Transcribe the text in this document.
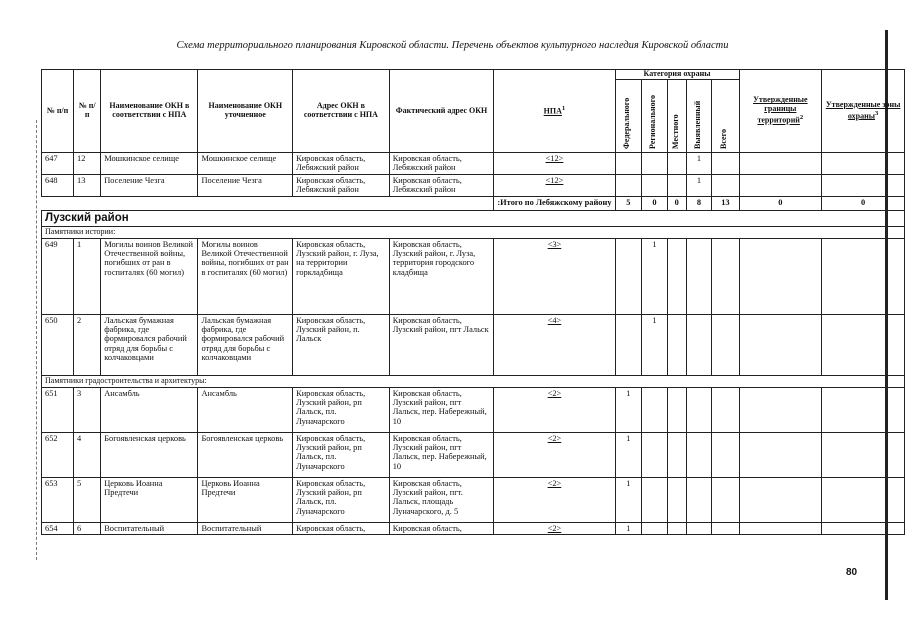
Схема территориального планирования Кировской области. Перечень объектов культурного наследия Кировской области
№ п/п	№ п/п	Наименование ОКН в соответствии с НПА	Наименование ОКН уточненное	Адрес ОКН в соответствии с НПА	Фактический адрес ОКН	НПА$^1$	Категория охраны					Утвержденные границы территорий$^2$	Утвержденные зоны охраны$^3$

							Федерального	Регионального	Местного	Выявленный	Всего		

647	12	Мошкинское селище	Мошкинское селище	Кировская область, Лебяжский район	Кировская область, Лебяжский район	<12>				1			
648	13	Поселение Чезга	Поселение Чезга	Кировская область, Лебяжский район	Кировская область, Лебяжский район	<12>				1			
						Итого по Лебяжскому району:	5	0	0	8	13	0	0
Лузский район													
Памятники истории:													
649	1	Могилы воинов Великой Отечественной войны, погибших от ран в госпиталях (60 могил)	Могилы воинов Великой Отечественной войны, погибших от ран в госпиталях (60 могил)	Кировская область, Лузский район, г. Луза, на территории горкладбища	Кировская область, Лузский район, г. Луза, территория городского кладбища	<3>		1					
650	2	Лальская бумажная фабрика, где формировался рабочий отряд для борьбы с колчаковцами	Лальская бумажная фабрика, где формировался рабочий отряд для борьбы с колчаковцами	Кировская область, Лузский район, п. Лальск	Кировская область, Лузский район, пгт Лальск	<4>		1					
Памятники градостроительства и архитектуры:													
651	3	Ансамбль	Ансамбль	Кировская область, Лузский район, рп Лальск, пл. Луначарского	Кировская область, Лузский район, пгт Лальск, пер. Набережный, 10	<2>	1						
652	4	Богоявленская церковь	Богоявленская церковь	Кировская область, Лузский район, рп Лальск, пл. Луначарского	Кировская область, Лузский район, пгт Лальск, пер. Набережный, 10	<2>	1						
653	5	Церковь Иоанна Предтечи	Церковь Иоанна Предтечи	Кировская область, Лузский район, рп Лальск, пл. Луначарского	Кировская область, Лузский район, пгт. Лальск, площадь Луначарского, д. 5	<2>	1						
654	6	Воспитательный	Воспитательный	Кировская область,	Кировская область,	<2>	1						
80
